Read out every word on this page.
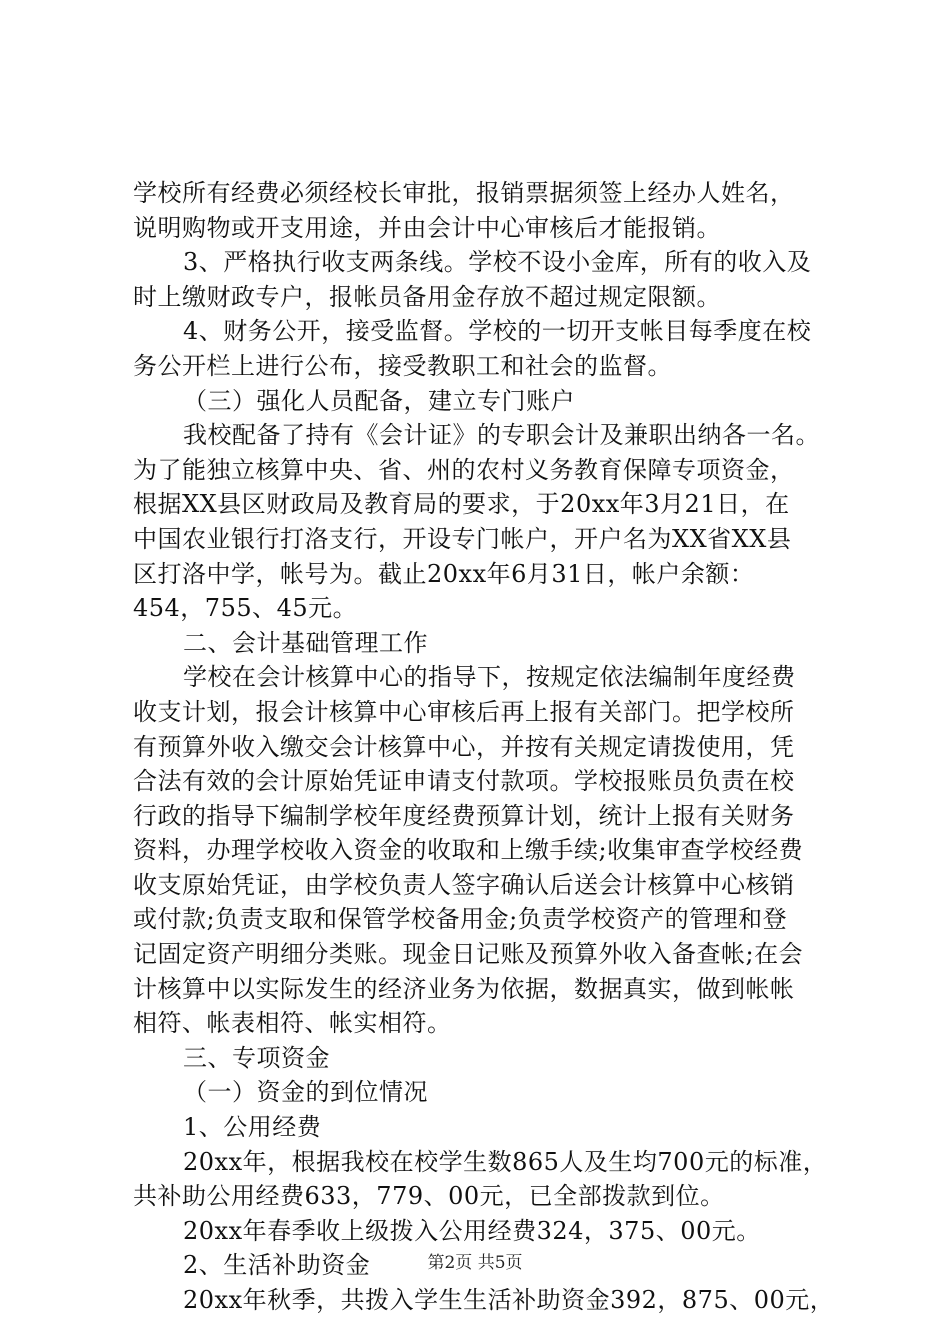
学校所有经费必须经校长审批，报销票据须签上经办人姓名，
说明购物或开支用途，并由会计中心审核后才能报销。
3、严格执行收支两条线。学校不设小金库，所有的收入及
时上缴财政专户，报帐员备用金存放不超过规定限额。
4、财务公开，接受监督。学校的一切开支帐目每季度在校
务公开栏上进行公布，接受教职工和社会的监督。
（三）强化人员配备，建立专门账户
我校配备了持有《会计证》的专职会计及兼职出纳各一名。
为了能独立核算中央、省、州的农村义务教育保障专项资金，
根据XX县区财政局及教育局的要求，于20xx年3月21日，在
中国农业银行打洛支行，开设专门帐户，开户名为XX省XX县
区打洛中学，帐号为。截止20xx年6月31日，帐户余额：
454，755、45元。
二、会计基础管理工作
学校在会计核算中心的指导下，按规定依法编制年度经费
收支计划，报会计核算中心审核后再上报有关部门。把学校所
有预算外收入缴交会计核算中心，并按有关规定请拨使用，凭
合法有效的会计原始凭证申请支付款项。学校报账员负责在校
行政的指导下编制学校年度经费预算计划，统计上报有关财务
资料，办理学校收入资金的收取和上缴手续;收集审查学校经费
收支原始凭证，由学校负责人签字确认后送会计核算中心核销
或付款;负责支取和保管学校备用金;负责学校资产的管理和登
记固定资产明细分类账。现金日记账及预算外收入备查帐;在会
计核算中以实际发生的经济业务为依据，数据真实，做到帐帐
相符、帐表相符、帐实相符。
三、专项资金
（一）资金的到位情况
1、公用经费
20xx年，根据我校在校学生数865人及生均700元的标准，
共补助公用经费633，779、00元，已全部拨款到位。
20xx年春季收上级拨入公用经费324，375、00元。
2、生活补助资金
20xx年秋季，共拨入学生生活补助资金392，875、00元，
第2页 共5页
